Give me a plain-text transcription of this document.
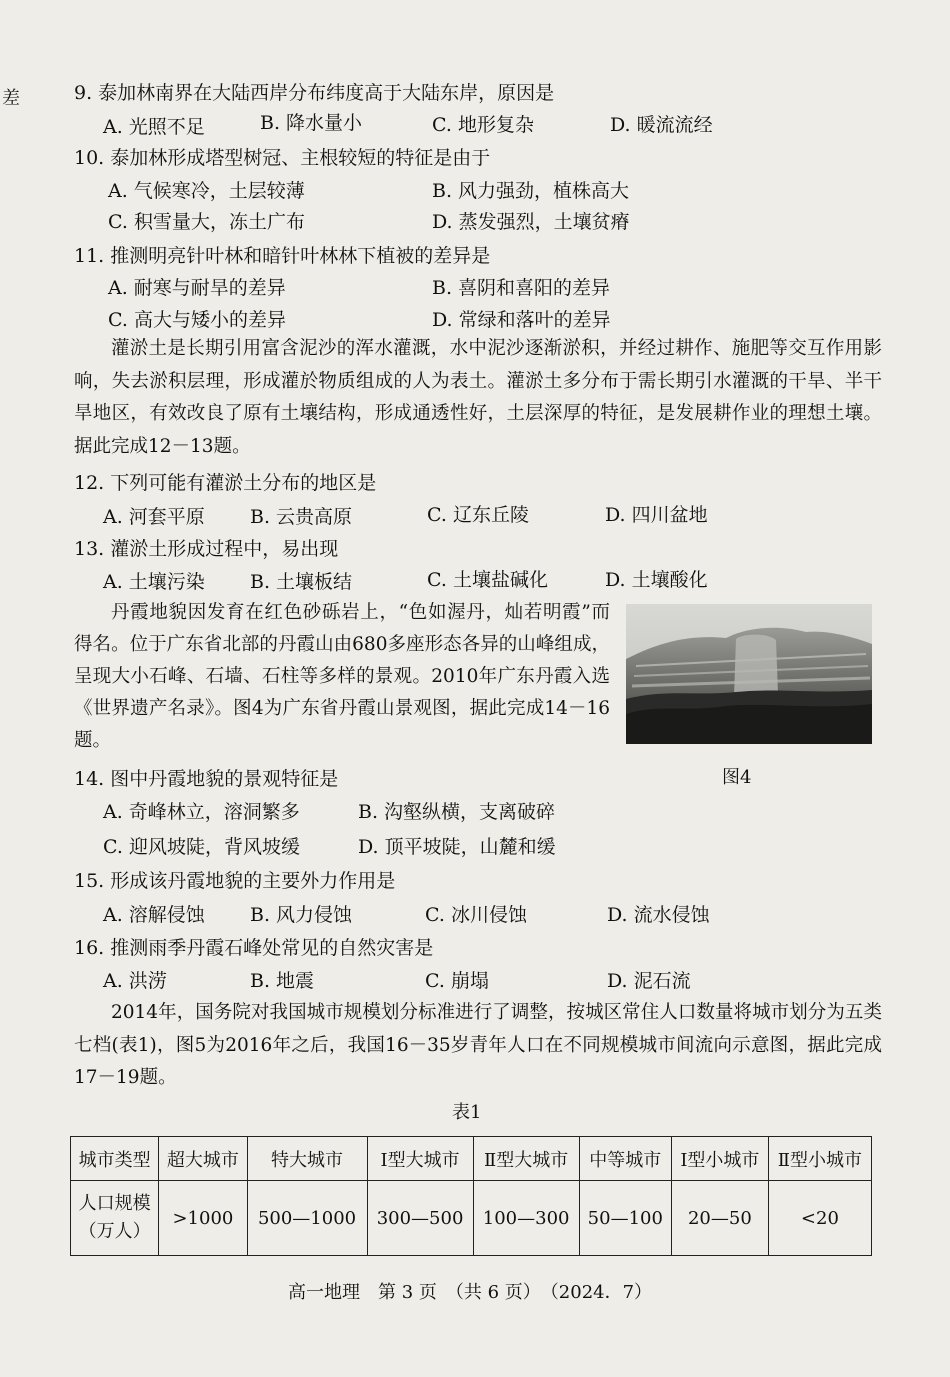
差	9. 泰加林南界在大陆西岸分布纬度高于大陆东岸，原因是
A. 光照不足	B. 降水量小	C. 地形复杂	D. 暖流流经
10. 泰加林形成塔型树冠、主根较短的特征是由于
A. 气候寒冷，土层较薄	B. 风力强劲，植株高大
C. 积雪量大，冻土广布	D. 蒸发强烈，土壤贫瘠
11. 推测明亮针叶林和暗针叶林林下植被的差异是
A. 耐寒与耐旱的差异	B. 喜阴和喜阳的差异
C. 高大与矮小的差异	D. 常绿和落叶的差异
灌淤土是长期引用富含泥沙的浑水灌溉，水中泥沙逐渐淤积，并经过耕作、施肥等交互作用影响，失去淤积层理，形成灌於物质组成的人为表土。灌淤土多分布于需长期引水灌溉的干旱、半干旱地区，有效改良了原有土壤结构，形成通透性好，土层深厚的特征，是发展耕作业的理想土壤。据此完成12－13题。
12. 下列可能有灌淤土分布的地区是
A. 河套平原 B. 云贵高原	C. 辽东丘陵	D. 四川盆地
13. 灌淤土形成过程中，易出现
A. 土壤污染 B. 土壤板结	C. 土壤盐碱化	D. 土壤酸化
丹霞地貌因发育在红色砂砾岩上，“色如渥丹，灿若明霞”而得名。位于广东省北部的丹霞山由680多座形态各异的山峰组成，呈现大小石峰、石墙、石柱等多样的景观。2010年广东丹霞入选《世界遗产名录》。图4为广东省丹霞山景观图，据此完成14－16题。
图4
14. 图中丹霞地貌的景观特征是
A. 奇峰林立，溶洞繁多	B. 沟壑纵横，支离破碎
C. 迎风坡陡，背风坡缓	D. 顶平坡陡，山麓和缓
15. 形成该丹霞地貌的主要外力作用是
A. 溶解侵蚀 B. 风力侵蚀	C. 冰川侵蚀	D. 流水侵蚀
16. 推测雨季丹霞石峰处常见的自然灾害是
A. 洪涝	B. 地震	C. 崩塌	D. 泥石流
2014年，国务院对我国城市规模划分标准进行了调整，按城区常住人口数量将城市划分为五类七档(表1)，图5为2016年之后，我国16－35岁青年人口在不同规模城市间流向示意图，据此完成17－19题。
表1
城市类型	超大城市	特大城市	Ⅰ型大城市	Ⅱ型大城市	中等城市	Ⅰ型小城市	Ⅱ型小城市

人口规模
（万人）	>1000	500—1000	300—500	100—300	50—100	20—50	<20
高一地理　第 3 页　（共 6 页）　（2024．7）
